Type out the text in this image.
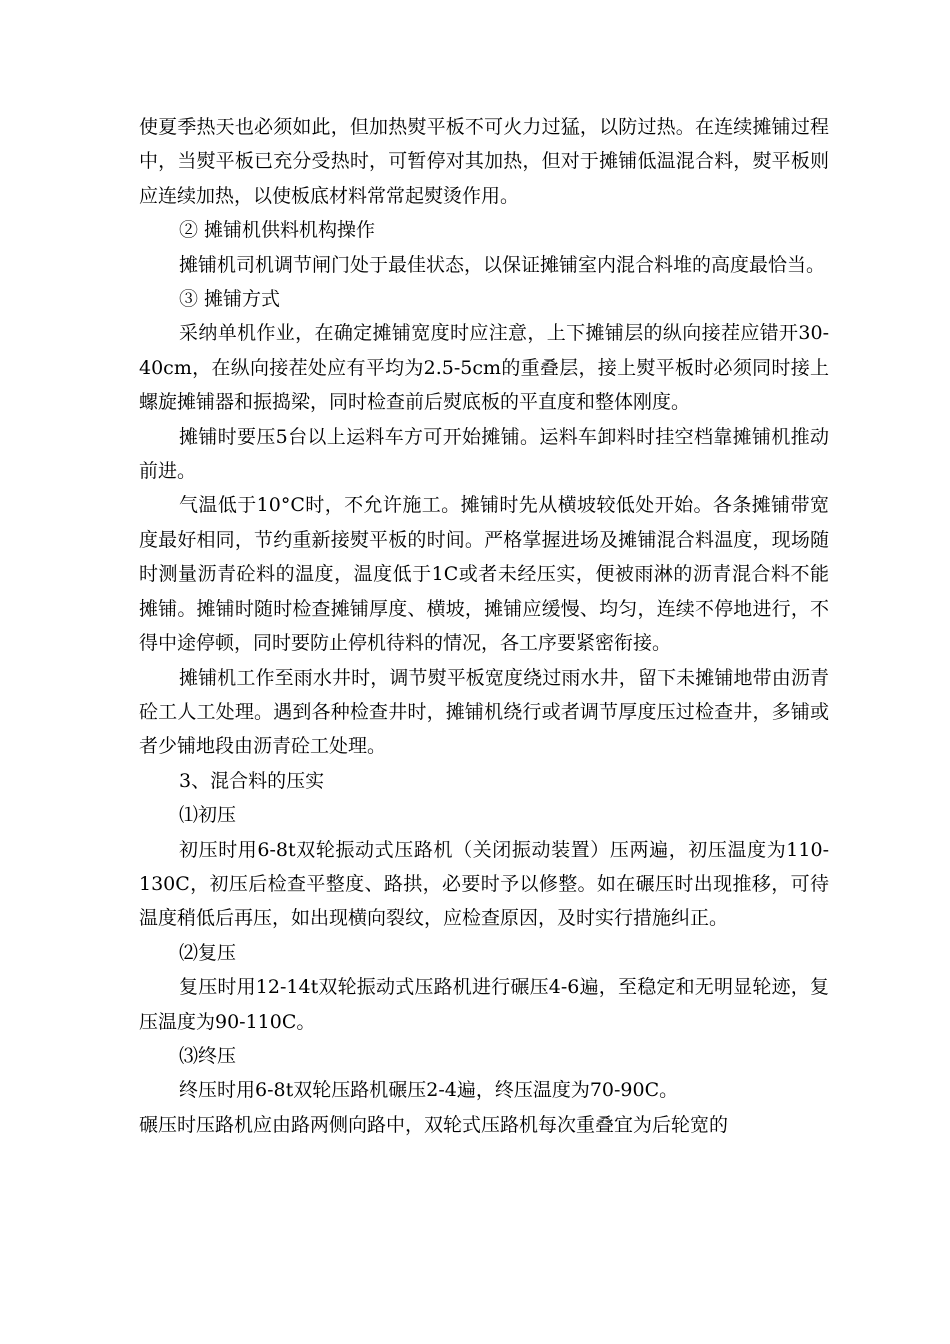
使夏季热天也必须如此，但加热熨平板不可火力过猛，以防过热。在连续摊铺过程中，当熨平板已充分受热时，可暂停对其加热，但对于摊铺低温混合料，熨平板则应连续加热，以使板底材料常常起熨烫作用。

② 摊铺机供料机构操作

摊铺机司机调节闸门处于最佳状态，以保证摊铺室内混合料堆的高度最恰当。

③ 摊铺方式

采纳单机作业，在确定摊铺宽度时应注意，上下摊铺层的纵向接茬应错开30-40cm，在纵向接茬处应有平均为2.5-5cm的重叠层，接上熨平板时必须同时接上螺旋摊铺器和振捣梁，同时检查前后熨底板的平直度和整体刚度。

摊铺时要压5台以上运料车方可开始摊铺。运料车卸料时挂空档靠摊铺机推动前进。

气温低于10°C时，不允许施工。摊铺时先从横坡较低处开始。各条摊铺带宽度最好相同，节约重新接熨平板的时间。严格掌握进场及摊铺混合料温度，现场随时测量沥青砼料的温度，温度低于1C或者未经压实，便被雨淋的沥青混合料不能摊铺。摊铺时随时检查摊铺厚度、横坡，摊铺应缓慢、均匀，连续不停地进行，不得中途停顿，同时要防止停机待料的情况，各工序要紧密衔接。

摊铺机工作至雨水井时，调节熨平板宽度绕过雨水井，留下未摊铺地带由沥青砼工人工处理。遇到各种检查井时，摊铺机绕行或者调节厚度压过检查井，多铺或者少铺地段由沥青砼工处理。

3、混合料的压实

⑴初压

初压时用6-8t双轮振动式压路机（关闭振动装置）压两遍，初压温度为110-130C，初压后检查平整度、路拱，必要时予以修整。如在碾压时出现推移，可待温度稍低后再压，如出现横向裂纹，应检查原因，及时实行措施纠正。

⑵复压

复压时用12-14t双轮振动式压路机进行碾压4-6遍，至稳定和无明显轮迹，复压温度为90-110C。

⑶终压

终压时用6-8t双轮压路机碾压2-4遍，终压温度为70-90C。

碾压时压路机应由路两侧向路中，双轮式压路机每次重叠宜为后轮宽的
